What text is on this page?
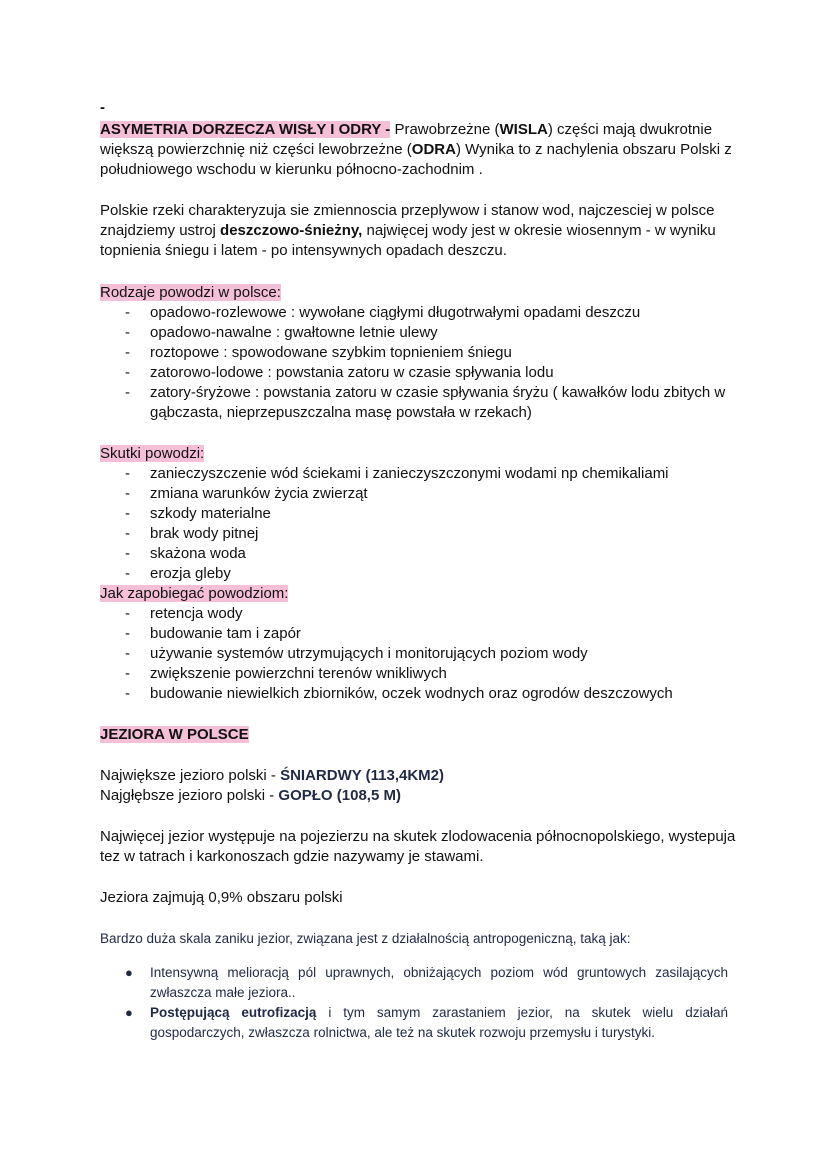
-

ASYMETRIA DORZECZA WISŁY I ODRY - Prawobrzeżne (WISLA) części mają dwukrotnie większą powierzchnię niż części lewobrzeżne (ODRA) Wynika to z nachylenia obszaru Polski z południowego wschodu w kierunku północno-zachodnim .

Polskie rzeki charakteryzuja sie zmiennoscia przeplywow i stanow wod, najczesciej w polsce znajdziemy ustroj deszczowo-śnieżny, najwięcej wody jest w okresie wiosennym - w wyniku topnienia śniegu i latem - po intensywnych opadach deszczu.

Rodzaje powodzi w polsce:
- opadowo-rozlewowe : wywołane ciągłymi długotrwałymi opadami deszczu
- opadowo-nawalne : gwałtowne letnie ulewy
- roztopowe : spowodowane szybkim topnieniem śniegu
- zatorowo-lodowe : powstania zatoru w czasie spływania lodu
- zatory-śryżowe : powstania zatoru w czasie spływania śryżu ( kawałków lodu zbitych w gąbczasta, nieprzepuszczalna masę powstała w rzekach)
Skutki powodzi:
- zanieczyszczenie wód ściekami i zanieczyszczonymi wodami np chemikaliami
- zmiana warunków życia zwierząt
- szkody materialne
- brak wody pitnej
- skażona woda
- erozja gleby
Jak zapobiegać powodziom:
- retencja wody
- budowanie tam i zapór
- używanie systemów utrzymujących i monitorujących poziom wody
- zwiększenie powierzchni terenów wnikliwych
- budowanie niewielkich zbiorników, oczek wodnych oraz ogrodów deszczowych
JEZIORA W POLSCE
Największe jezioro polski - ŚNIARDWY (113,4KM2)
Najgłębsze jezioro polski - GOPŁO (108,5 M)

Najwięcej jezior występuje na pojezierzu na skutek zlodowacenia północnopolskiego, wystepuja tez w tatrach i karkonoszach gdzie nazywamy je stawami.

Jeziora zajmują 0,9% obszaru polski

Bardzo duża skala zaniku jezior, związana jest z działalnością antropogeniczną, taką jak:

● Intensywną melioracją pól uprawnych, obniżających poziom wód gruntowych zasilających zwłaszcza małe jeziora..
● Postępującą eutrofizacją i tym samym zarastaniem jezior, na skutek wielu działań gospodarczych, zwłaszcza rolnictwa, ale też na skutek rozwoju przemysłu i turystyki.
